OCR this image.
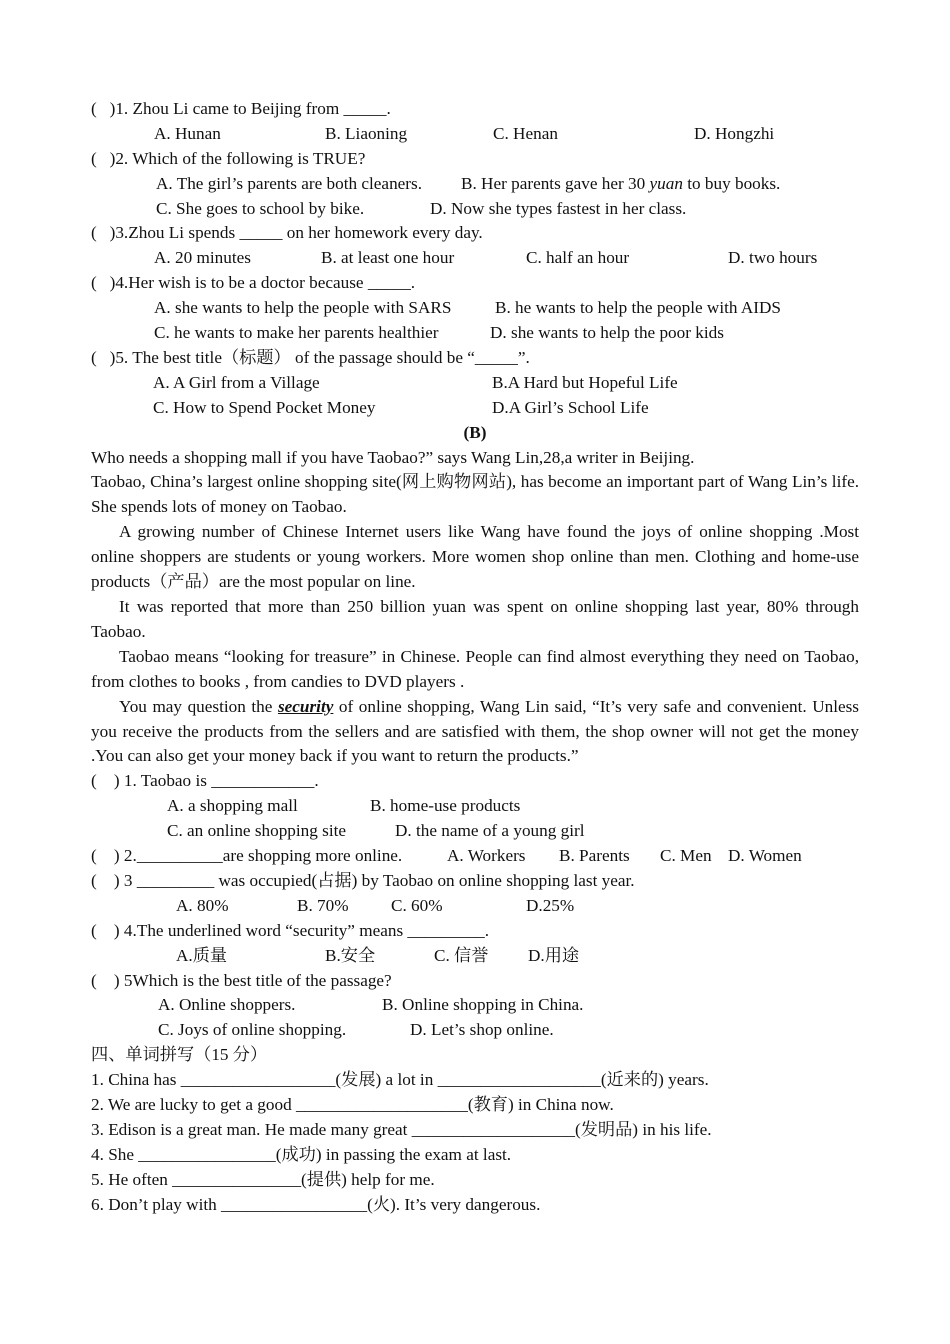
(   )1. Zhou Li came to Beijing from _____.
A. Hunan	B. Liaoning	C. Henan	D. Hongzhi
(   )2. Which of the following is TRUE?
A. The girl’s parents are both cleaners. B. Her parents gave her 30 yuan to buy books.
C. She goes to school by bike.	D. Now she types fastest in her class.
(   )3.Zhou Li spends _____ on her homework every day.
A. 20 minutes	B. at least one hour	C. half an hour	D. two hours
(   )4.Her wish is to be a doctor because _____.
A. she wants to help the people with SARS	B. he wants to help the people with AIDS
C. he wants to make her parents healthier	D. she wants to help the poor kids
(   )5. The best title（标题） of the passage should be “_____”.
A. A Girl from a Village	B.A Hard but Hopeful Life
C. How to Spend Pocket Money	D.A Girl’s School Life
(B)
Who needs a shopping mall if you have Taobao?” says Wang Lin,28,a writer in Beijing.
Taobao, China’s largest online shopping site(网上购物网站), has become an important part of Wang Lin’s life. She spends lots of money on Taobao.
A growing number of Chinese Internet users like Wang have found the joys of online shopping .Most online shoppers are students or young workers. More women shop online than men. Clothing and home-use products（产品）are the most popular on line.
It was reported that more than 250 billion yuan was spent on online shopping last year, 80% through Taobao.
Taobao means “looking for treasure” in Chinese. People can find almost everything they need on Taobao, from clothes to books , from candies to DVD players .
You may question the security of online shopping, Wang Lin said, “It’s very safe and convenient. Unless you receive the products from the sellers and are satisfied with them, the shop owner will not get the money .You can also get your money back if you want to return the products.”
(    ) 1. Taobao is ____________.
A. a shopping mall	B. home-use products
C. an online shopping site	D. the name of a young girl
(    ) 2.__________are shopping more online.	A. Workers B. Parents C. Men D. Women
(    ) 3 _________ was occupied(占据) by Taobao on online shopping last year.
A. 80%	B. 70% C. 60%	D.25%
(    ) 4.The underlined word “security” means _________.
A.质量	B.安全	C. 信誉 D.用途
(    ) 5Which is the best title of the passage?
A. Online shoppers.	B. Online shopping in China.
C. Joys of online shopping.	D. Let’s shop online.
四、单词拼写（15 分）
1. China has __________________(发展) a lot in ___________________(近来的) years.
2. We are lucky to get a good ____________________(教育) in China now.
3. Edison is a great man. He made many great ___________________(发明品) in his life.
4. She ________________(成功) in passing the exam at last.
5. He often _______________(提供) help for me.
6. Don’t play with _________________(火). It’s very dangerous.
